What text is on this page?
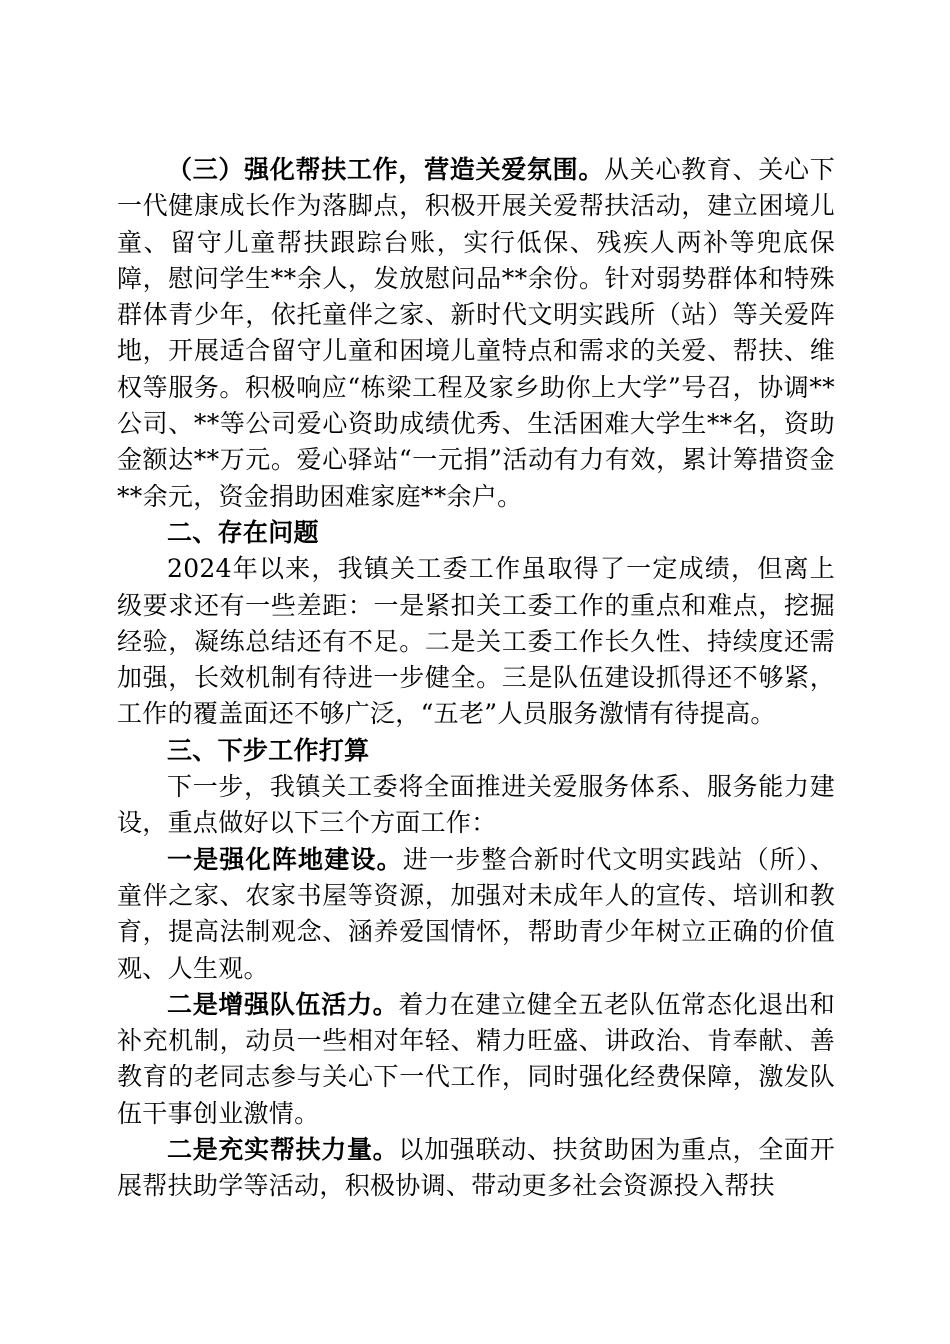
（三）强化帮扶工作，营造关爱氛围。从关心教育、关心下一代健康成长作为落脚点，积极开展关爱帮扶活动，建立困境儿童、留守儿童帮扶跟踪台账，实行低保、残疾人两补等兜底保障，慰问学生**余人，发放慰问品**余份。针对弱势群体和特殊群体青少年，依托童伴之家、新时代文明实践所（站）等关爱阵地，开展适合留守儿童和困境儿童特点和需求的关爱、帮扶、维权等服务。积极响应“栋梁工程及家乡助你上大学”号召，协调**公司、**等公司爱心资助成绩优秀、生活困难大学生**名，资助金额达**万元。爱心驿站“一元捐”活动有力有效，累计筹措资金**余元，资金捐助困难家庭**余户。

二、存在问题

2024年以来，我镇关工委工作虽取得了一定成绩，但离上级要求还有一些差距：一是紧扣关工委工作的重点和难点，挖掘经验，凝练总结还有不足。二是关工委工作长久性、持续度还需加强，长效机制有待进一步健全。三是队伍建设抓得还不够紧，工作的覆盖面还不够广泛，“五老”人员服务激情有待提高。

三、下步工作打算

下一步，我镇关工委将全面推进关爱服务体系、服务能力建设，重点做好以下三个方面工作：

一是强化阵地建设。进一步整合新时代文明实践站（所）、童伴之家、农家书屋等资源，加强对未成年人的宣传、培训和教育，提高法制观念、涵养爱国情怀，帮助青少年树立正确的价值观、人生观。

二是增强队伍活力。着力在建立健全五老队伍常态化退出和补充机制，动员一些相对年轻、精力旺盛、讲政治、肯奉献、善教育的老同志参与关心下一代工作，同时强化经费保障，激发队伍干事创业激情。

二是充实帮扶力量。以加强联动、扶贫助困为重点，全面开展帮扶助学等活动，积极协调、带动更多社会资源投入帮扶
